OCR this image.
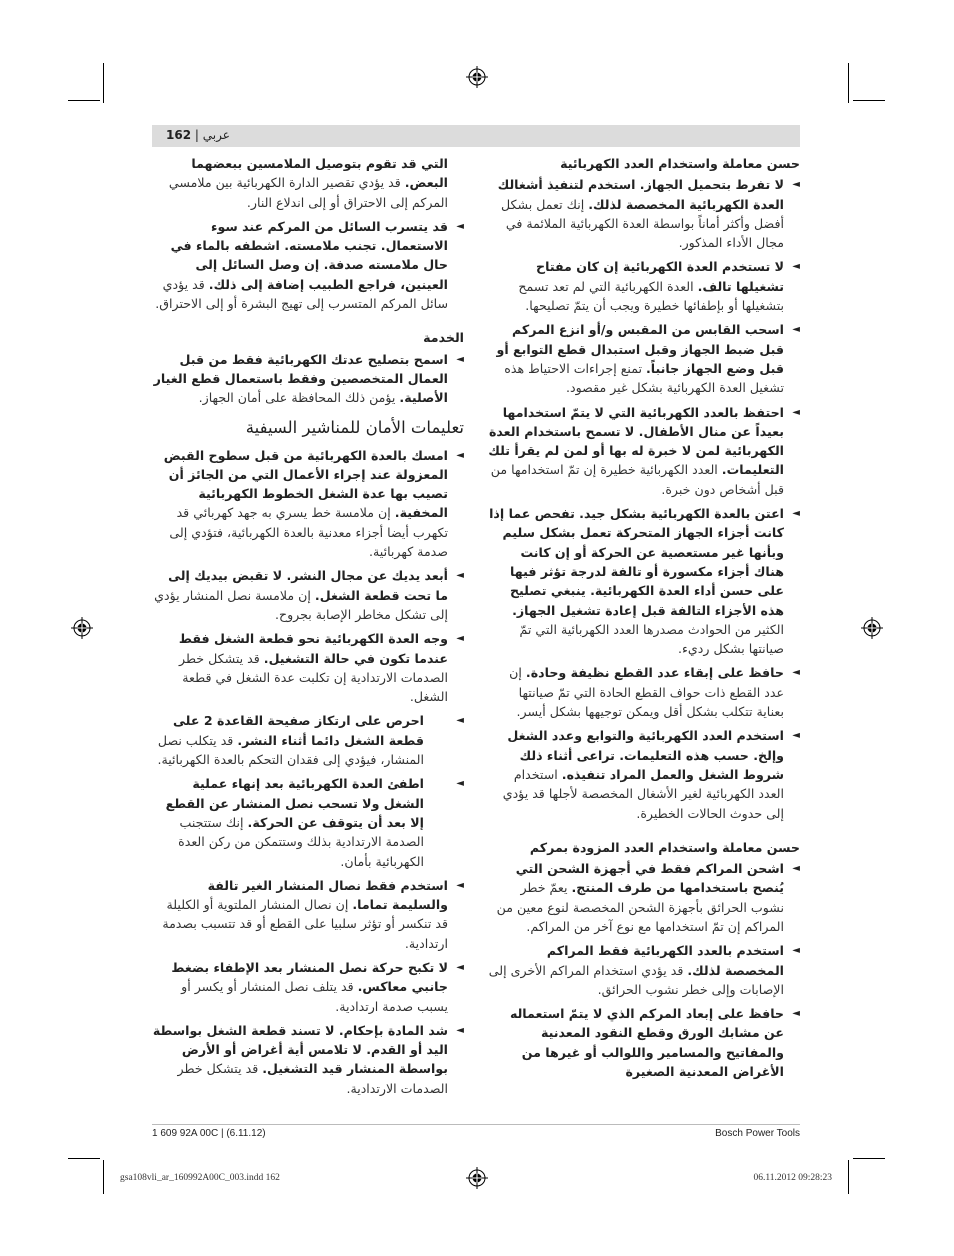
162 | عربي
حسن معاملة واستخدام العدد الكهربائية
◄
لا تفرط بتحميل الجهاز. استخدم لتنفيذ أشغالك العدة الكهربائية المخصصة لذلك. إنك تعمل بشكل أفضل وأكثر أماناً بواسطة العدة الكهربائية الملائمة في مجال الأداء المذكور.
◄
لا تستخدم العدة الكهربائية إن كان مفتاح تشغيلها تالف. العدة الكهربائية التي لم تعد تسمح بتشغيلها أو بإطفائها خطيرة ويجب أن يتمّ تصليحها.
◄
اسحب القابس من المقبس و/أو انزع المركم قبل ضبط الجهاز وقبل استبدال قطع التوابع أو قبل وضع الجهاز جانباً. تمنع إجراءات الاحتياط هذه تشغيل العدة الكهربائية بشكل غير مقصود.
◄
احتفظ بالعدد الكهربائية التي لا يتمّ استخدامها بعيداً عن منال الأطفال. لا تسمح باستخدام العدة الكهربائية لمن لا خبرة له بها أو لمن لم يقرأ تلك التعليمات. العدد الكهربائية خطيرة إن تمّ استخدامها من قبل أشخاص دون خبرة.
◄
اعتن بالعدة الكهربائية بشكل جيد. تفحص عما إذا كانت أجزاء الجهاز المتحركة تعمل بشكل سليم وبأنها غير مستعصية عن الحركة أو إن كانت هناك أجزاء مكسورة أو تالفة لدرجة تؤثر فيها على حسن أداء العدة الكهربائية. ينبغي تصليح هذه الأجزاء التالفة قبل إعادة تشغيل الجهاز. الكثير من الحوادث مصدرها العدد الكهربائية التي تمّ صيانتها بشكل رديء.
◄
حافظ على إبقاء عدد القطع نظيفة وحادة. إن عدد القطع ذات حواف القطع الحادة التي تمّ صيانتها بعناية تتكلب بشكل أقل ويمكن توجيهها بشكل أيسر.
◄
استخدم العدد الكهربائية والتوابع وعدد الشغل وإلخ. حسب هذه التعليمات. تراعى أثناء ذلك شروط الشغل والعمل المراد تنفيذه. استخدام العدد الكهربائية لغير الأشغال المخصصة لأجلها قد يؤدي إلى حدوث الحالات الخطيرة.
حسن معاملة واستخدام العدد المزودة بمركم
◄
اشحن المراكم فقط في أجهزة الشحن التي يُنصح باستخدامها من طرف المنتج. يعمّ خطر نشوب الحرائق بأجهزة الشحن المخصصة لنوع معين من المراكم إن تمّ استخدامها مع نوع آخر من المراكم.
◄
استخدم بالعدد الكهربائية فقط المراكم المخصصة لذلك. قد يؤدي استخدام المراكم الأخرى إلى الإصابات وإلى خطر نشوب الحرائق.
◄
حافظ على إبعاد المركم الذي لا يتمّ استعماله عن مشابك الورق وقطع النقود المعدنية والمفاتيح والمسامير واللوالب أو غيرها من الأغراض المعدنية الصغيرة
التي قد تقوم بتوصيل الملامسين ببعضهما البعض. قد يؤدي تقصير الدارة الكهربائية بين ملامسي المركم إلى الاحتراق أو إلى اندلاع النار.
◄
قد يتسرب السائل من المركم عند سوء الاستعمال. تجنب ملامسته. اشطفه بالماء في حال ملامسته صدفة. إن وصل السائل إلى العينين، فراجع الطبيب إضافة إلى ذلك. قد يؤدي سائل المركم المتسرب إلى تهيج البشرة أو إلى الاحتراق.
الخدمة
◄
اسمح بتصليح عدتك الكهربائية فقط من قبل العمال المتخصصين وفقط باستعمال قطع الغيار الأصلية. يؤمن ذلك المحافظة على أمان الجهاز.
تعليمات الأمان للمناشير السيفية
◄
امسك بالعدة الكهربائية من قبل سطوح القبض المعزولة عند إجراء الأعمال التي من الجائز أن تصيب بها عدة الشغل الخطوط الكهربائية المخفية. إن ملامسة خط يسري به جهد كهربائي قد تكهرب أيضا أجزاء معدنية بالعدة الكهربائية، فتؤدي إلى صدمة كهربائية.
◄
أبعد يديك عن مجال النشر. لا تقبض بيديك إلى ما تحت قطعة الشغل. إن ملامسة نصل المنشار يؤدي إلى تشكل مخاطر الإصابة بجروح.
◄
وجه العدة الكهربائية نحو قطعة الشغل فقط عندما تكون في حالة التشغيل. قد يتشكل خطر الصدمات الارتدادية إن تكلبت عدة الشغل في قطعة الشغل.
◄
احرص على ارتكاز صفيحة القاعدة 2 على قطعة الشغل دائما أثناء النشر. قد يتكلب نصل المنشار، فيؤدي إلى فقدان التحكم بالعدة الكهربائية.
◄
اطفئ العدة الكهربائية بعد إنهاء عملية الشغل ولا تسحب نصل المنشار عن القطع إلا بعد أن يتوقف عن الحركة. إنك ستتجنب الصدمة الارتدادية بذلك وستتمكن من ركن العدة الكهربائية بأمان.
◄
استخدم فقط نصال المنشار الغير تالفة والسليمة تماما. إن نصال المنشار الملتوية أو الكليلة قد تنكسر أو تؤثر سلبيا على القطع أو قد تتسبب بصدمة ارتدادية.
◄
لا تكبح حركة نصل المنشار بعد الإطفاء بضغط جانبي معاكس. قد يتلف نصل المنشار أو يكسر أو يسبب صدمة ارتدادية.
◄
شد المادة بإحكام. لا تسند قطعة الشغل بواسطة اليد أو القدم. لا تلامس أية أغراض أو الأرض بواسطة المنشار قيد التشغيل. قد يتشكل خطر الصدمات الارتدادية.
1 609 92A 00C | (6.11.12)	Bosch Power Tools
gsa108vli_ar_160992A00C_003.indd 162	06.11.2012 09:28:23
